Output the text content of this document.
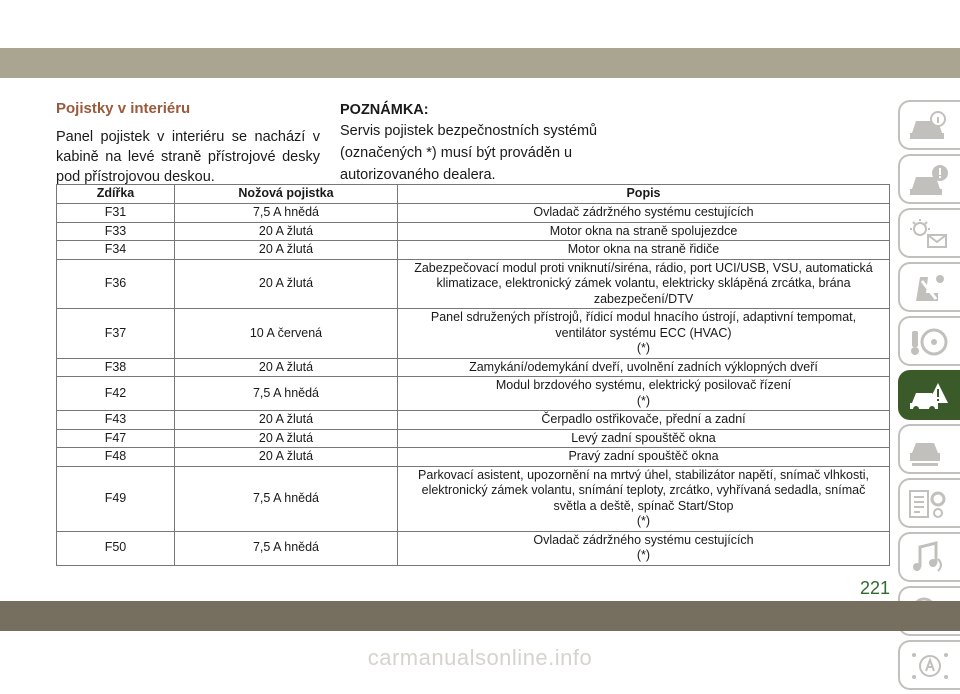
Pojistky v interiéru

Panel pojistek v interiéru se nachází v kabině na levé straně přístrojové desky pod přístrojovou deskou.

POZNÁMKA:

Servis pojistek bezpečnostních systémů (označených *) musí být prováděn u autorizovaného dealera.

Zdířka	Nožová pojistka	Popis
F31	7,5 A hnědá	Ovladač zádržného systému cestujících

F33	20 A žlutá	Motor okna na straně spolujezdce

F34	20 A žlutá	Motor okna na straně řidiče

F36	20 A žlutá	Zabezpečovací modul proti vniknutí/siréna, rádio, port UCI/USB, VSU, automatická klimatizace, elektronický zámek volantu, elektricky sklápěná zrcátka, brána zabezpečení/DTV

F37	10 A červená	Panel sdružených přístrojů, řídicí modul hnacího ústrojí, adaptivní tempomat, ventilátor systému ECC (HVAC)
(*)

F38	20 A žlutá	Zamykání/odemykání dveří, uvolnění zadních výklopných dveří

F42	7,5 A hnědá	Modul brzdového systému, elektrický posilovač řízení
(*)

F43	20 A žlutá	Čerpadlo ostřikovače, přední a zadní

F47	20 A žlutá	Levý zadní spouštěč okna

F48	20 A žlutá	Pravý zadní spouštěč okna

F49	7,5 A hnědá	Parkovací asistent, upozornění na mrtvý úhel, stabilizátor napětí, snímač vlhkosti, elektronický zámek volantu, snímání teploty, zrcátko, vyhřívaná sedadla, snímač světla a deště, spínač Start/Stop
(*)

F50	7,5 A hnědá	Ovladač zádržného systému cestujících
(*)
221
carmanualsonline.info
